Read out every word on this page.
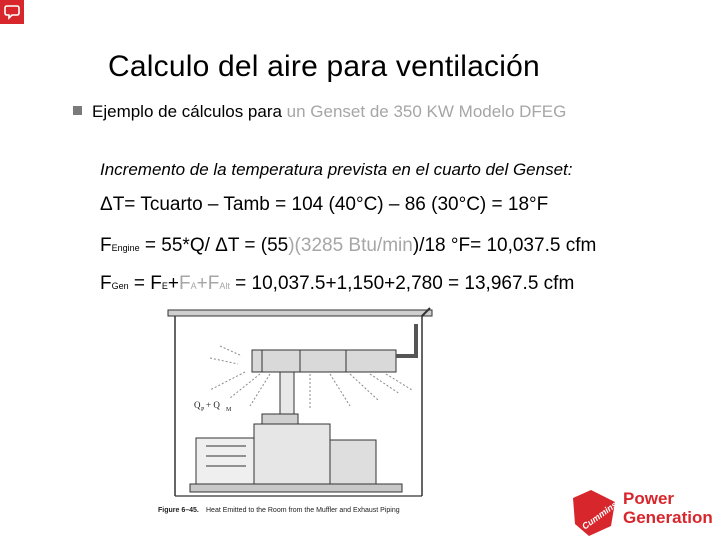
Calculo del aire para ventilación
Ejemplo de cálculos para un Genset de 350 KW Modelo DFEG
Incremento de la temperatura prevista en el cuarto del Genset:
ΔT= Tcuarto – Tamb = 104 (40°C) – 86 (30°C) = 18°F
FEngine = 55*Q/ ΔT = (55)(3285 Btu/min)/18 °F= 10,037.5 cfm
FGen = FE+FA+FAlt = 10,037.5+1,150+2,780 = 13,967.5 cfm
Q P + Q M
Figure 6–45. Heat Emitted to the Room from the Muffler and Exhaust Piping	Cummins
Power
Generation
